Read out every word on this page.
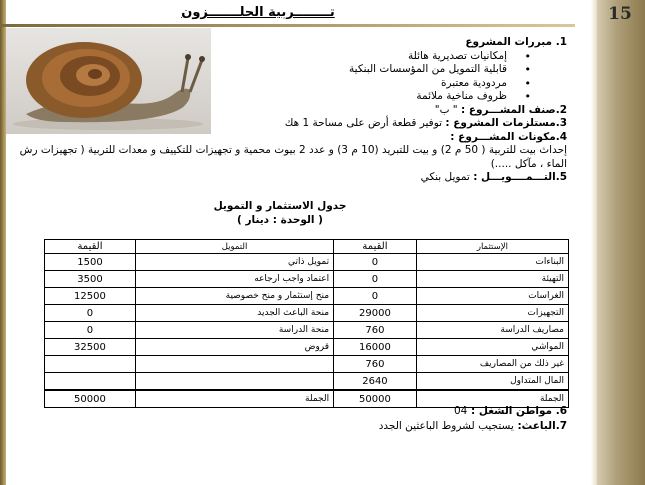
15
تــــــــربية الحلـــــــزون
1. مبررات المشروع
• إمكانيات تصديرية هائلة
• قابلية التمويل من المؤسسات البنكية
• مردودية معتبرة
• ظروف مناخية ملائمة
2.صنف المشـــروع : " ب"
3.مستلزمات المشروع : توفير قطعة أرض على مساحة 1 هك
4.مكونات المشـــروع :
إحداث بيت للتربية ( 50 م 2) و بيت للتبريد (10 م 3) و عدد 2 بيوت محمية و تجهيزات للتكييف و معدات للتربية ( تجهيزات رش الماء ، مآكل .....)
5.التـــمــــويـــل : تمويل بنكي
جدول الاستثمار و التمويل
( الوحدة : دينار )
الإستثمار	القيمة	التمويل	القيمة
البناءات	0	تمويل ذاتي	1500
التهيئة	0	اعتماد واجب ارجاعه	3500
الغراسات	0	منح إستثمار و منح خصوصية	12500
التجهيزات	29000	منحة الباعث الجديد	0
مصاريف الدراسة	760	منحة الدراسة	0
المواشي	16000	قروض	32500
غير ذلك من المصاريف	760		
المال المتداول	2640		
الجملة	50000	الجملة	50000
6. مواطن الشغل : 04
7.الباعث: يستجيب لشروط الباعثين الجدد
